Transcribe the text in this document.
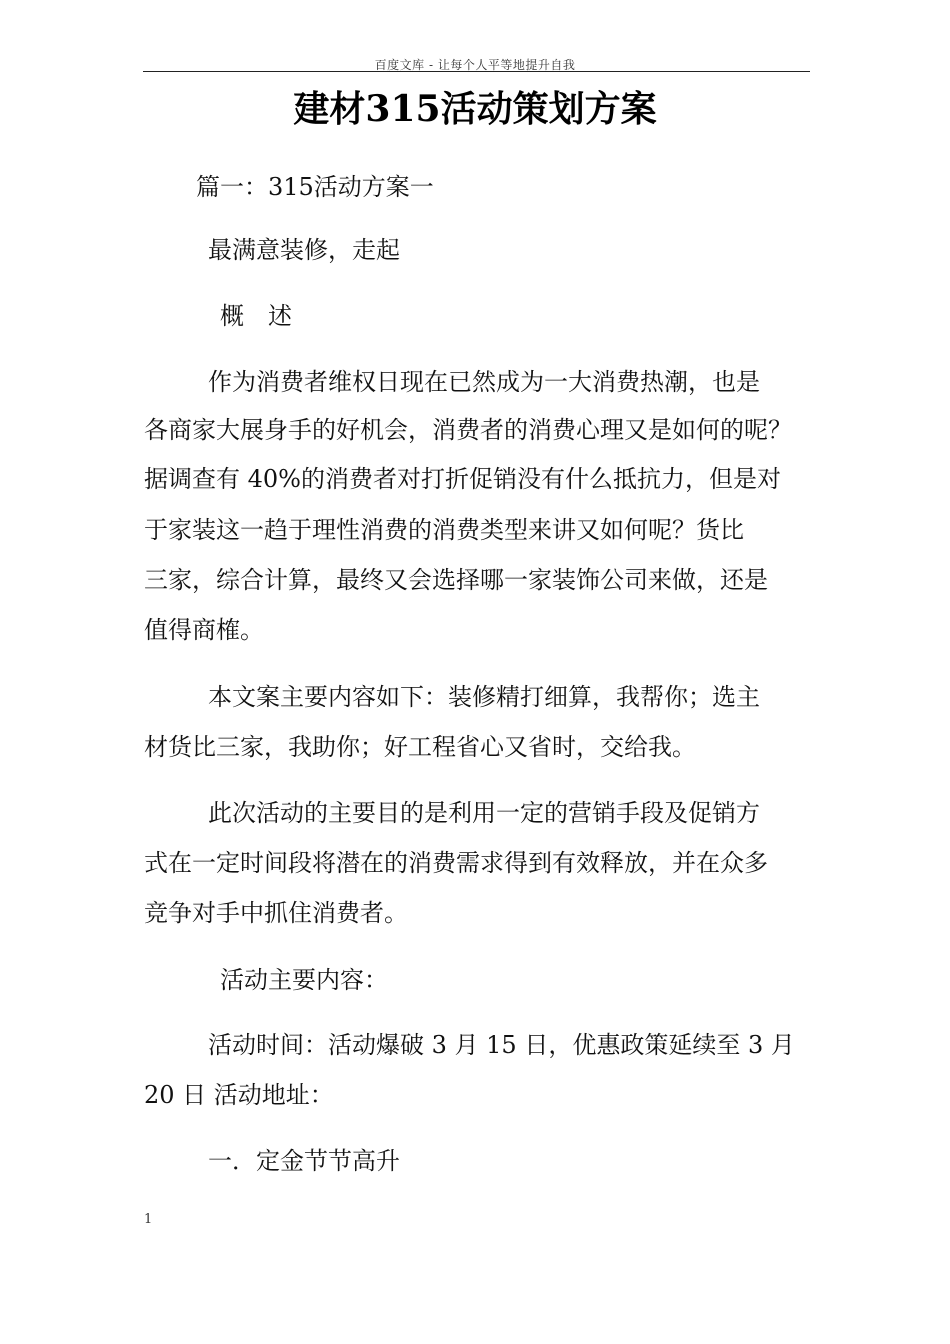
百度文库 - 让每个人平等地提升自我
建材315活动策划方案
篇一：315活动方案一
最满意装修，走起
概　述
作为消费者维权日现在已然成为一大消费热潮，也是
各商家大展身手的好机会，消费者的消费心理又是如何的呢？
据调查有 40%的消费者对打折促销没有什么抵抗力，但是对
于家装这一趋于理性消费的消费类型来讲又如何呢？货比
三家，综合计算，最终又会选择哪一家装饰公司来做，还是
值得商榷。
本文案主要内容如下：装修精打细算，我帮你；选主
材货比三家，我助你；好工程省心又省时，交给我。
此次活动的主要目的是利用一定的营销手段及促销方
式在一定时间段将潜在的消费需求得到有效释放，并在众多
竞争对手中抓住消费者。
活动主要内容：
活动时间：活动爆破 3 月 15 日，优惠政策延续至 3 月
20 日 活动地址：
一．定金节节高升
1
